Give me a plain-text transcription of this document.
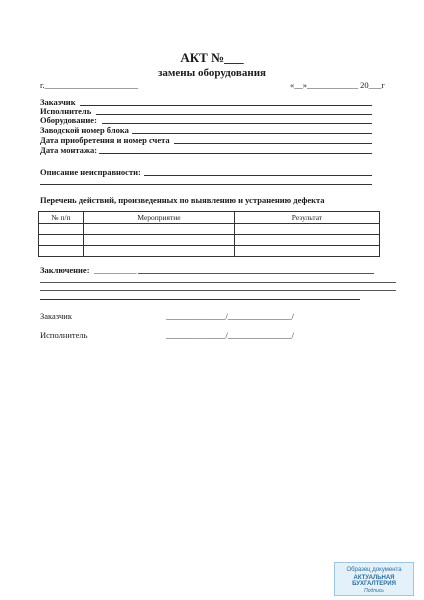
АКТ №___
замены оборудования
г.______________________	«__»____________ 20___г
Заказчик
Исполнитель
Оборудование:
Заводской номер блока
Дата приобретения и номер счета
Дата монтажа:
Описание неисправности:
Перечень действий, произведенных по выявлению и устранению дефекта
№ п/п	Мероприятие	Результат

Заключение: __________
Заказчик	______________/_______________/
Исполнитель	______________/_______________/
Образец документа
АКТУАЛЬНАЯ БУХГАЛТЕРИЯ
Подпись
